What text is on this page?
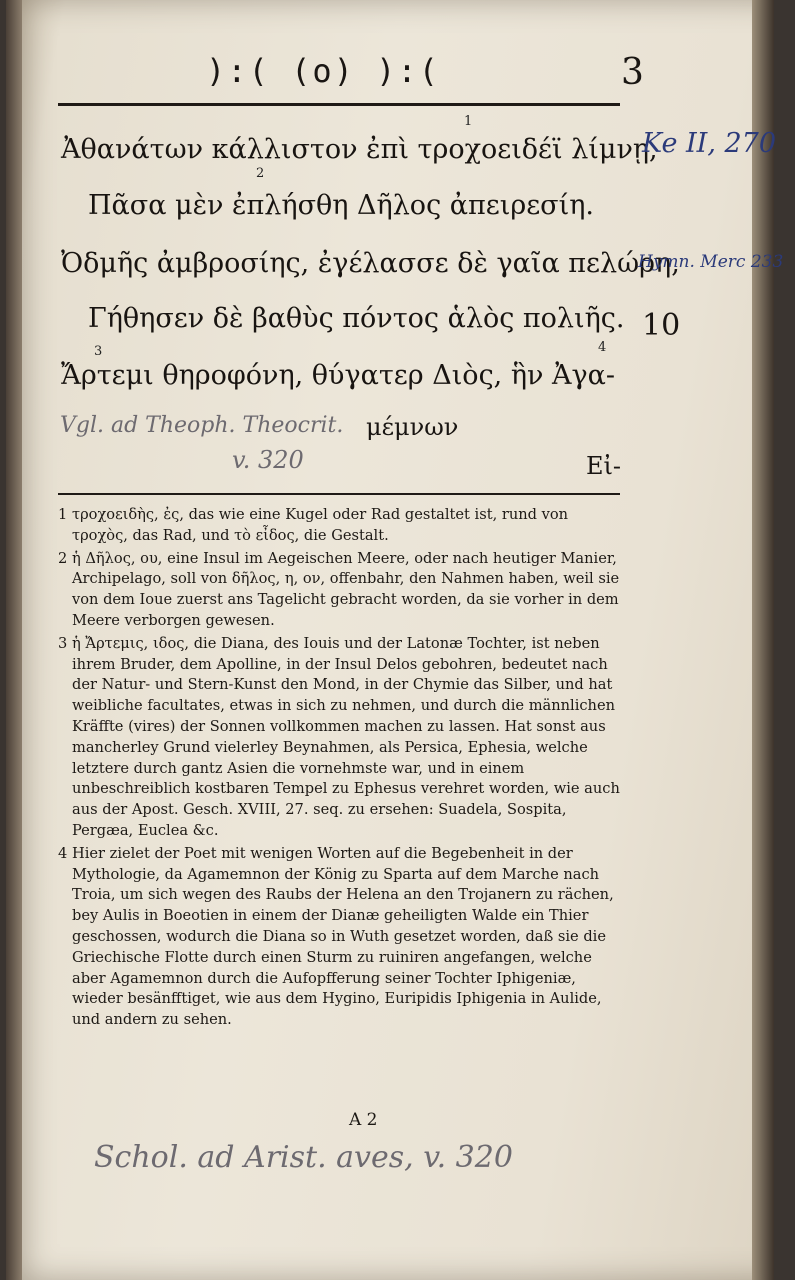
):( (o) ):(	3
1
Ἀθανάτων κάλλιστον ἐπὶ τροχοειδέϊ λίμνῃ,
2
Πᾶσα μὲν ἐπλήσθη Δῆλος ἀπειρεσίη.
Ὀδμῆς ἀμβροσίης, ἐγέλασσε δὲ γαῖα πελώρη,
Γήθησεν δὲ βαθὺς πόντος ἁλὸς πολιῆς. 10
3
Ἄρτεμι θηροφόνη, θύγατερ Διὸς, ἣν Ἀγα-
4
μέμνων
Εἰ-
Ke II, 270
Hymn. Merc 233
Vgl. ad Theoph. Theocrit.
v. 320
1 τροχοειδὴς, ἐς, das wie eine Kugel oder Rad gestaltet ist, rund von τροχὸς, das Rad, und τὸ εἶδος, die Gestalt.
2 ἡ Δῆλος, ου, eine Insul im Aegeischen Meere, oder nach heutiger Manier, Archipelago, soll von δῆλος, η, ον, offenbahr, den Nahmen haben, weil sie von dem Ioue zuerst ans Tagelicht gebracht worden, da sie vorher in dem Meere verborgen gewesen.
3 ἡ Ἄρτεμις, ιδος, die Diana, des Iouis und der Latonæ Tochter, ist neben ihrem Bruder, dem Apolline, in der Insul Delos gebohren, bedeutet nach der Natur- und Stern-Kunst den Mond, in der Chymie das Silber, und hat weibliche facultates, etwas in sich zu nehmen, und durch die männlichen Kräffte (vires) der Sonnen vollkommen machen zu lassen. Hat sonst aus mancherley Grund vielerley Beynahmen, als Persica, Ephesia, welche letztere durch gantz Asien die vornehmste war, und in einem unbeschreiblich kostbaren Tempel zu Ephesus verehret worden, wie auch aus der Apost. Gesch. XVIII, 27. seq. zu ersehen: Suadela, Sospita, Pergæa, Euclea &c.
4 Hier zielet der Poet mit wenigen Worten auf die Begebenheit in der Mythologie, da Agamemnon der König zu Sparta auf dem Marche nach Troia, um sich wegen des Raubs der Helena an den Trojanern zu rächen, bey Aulis in Boeotien in einem der Dianæ geheiligten Walde ein Thier geschossen, wodurch die Diana so in Wuth gesetzet worden, daß sie die Griechische Flotte durch einen Sturm zu ruiniren angefangen, welche aber Agamemnon durch die Aufopfferung seiner Tochter Iphigeniæ, wieder besänfftiget, wie aus dem Hygino, Euripidis Iphigenia in Aulide, und andern zu sehen.
A 2
Schol. ad Arist. aves, v. 320
